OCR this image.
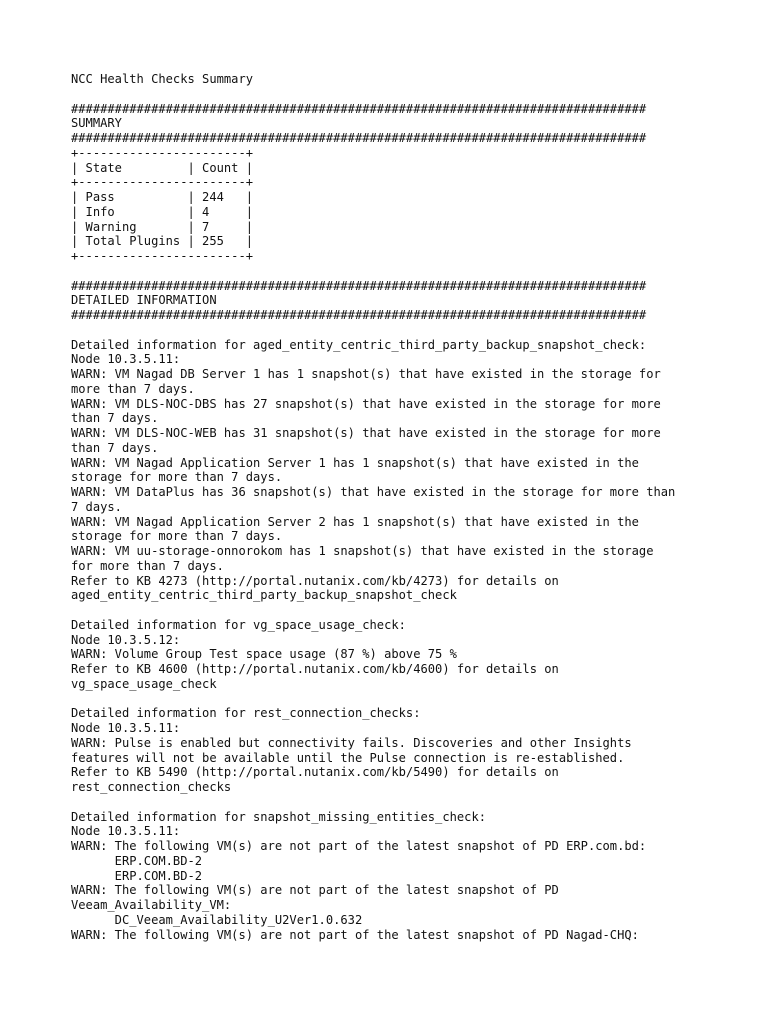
NCC Health Checks Summary
###############################################################################
SUMMARY
###############################################################################
+-----------------------+
| State         | Count |
+-----------------------+
| Pass          | 244   |
| Info          | 4     |
| Warning       | 7     |
| Total Plugins | 255   |
+-----------------------+
###############################################################################
DETAILED INFORMATION
###############################################################################
Detailed information for aged_entity_centric_third_party_backup_snapshot_check:
Node 10.3.5.11:
WARN: VM Nagad DB Server 1 has 1 snapshot(s) that have existed in the storage for
more than 7 days.
WARN: VM DLS-NOC-DBS has 27 snapshot(s) that have existed in the storage for more
than 7 days.
WARN: VM DLS-NOC-WEB has 31 snapshot(s) that have existed in the storage for more
than 7 days.
WARN: VM Nagad Application Server 1 has 1 snapshot(s) that have existed in the
storage for more than 7 days.
WARN: VM DataPlus has 36 snapshot(s) that have existed in the storage for more than
7 days.
WARN: VM Nagad Application Server 2 has 1 snapshot(s) that have existed in the
storage for more than 7 days.
WARN: VM uu-storage-onnorokom has 1 snapshot(s) that have existed in the storage
for more than 7 days.
Refer to KB 4273 (http://portal.nutanix.com/kb/4273) for details on
aged_entity_centric_third_party_backup_snapshot_check
Detailed information for vg_space_usage_check:
Node 10.3.5.12:
WARN: Volume Group Test space usage (87 %) above 75 %
Refer to KB 4600 (http://portal.nutanix.com/kb/4600) for details on
vg_space_usage_check
Detailed information for rest_connection_checks:
Node 10.3.5.11:
WARN: Pulse is enabled but connectivity fails. Discoveries and other Insights
features will not be available until the Pulse connection is re-established.
Refer to KB 5490 (http://portal.nutanix.com/kb/5490) for details on
rest_connection_checks
Detailed information for snapshot_missing_entities_check:
Node 10.3.5.11:
WARN: The following VM(s) are not part of the latest snapshot of PD ERP.com.bd:
ERP.COM.BD-2
ERP.COM.BD-2
WARN: The following VM(s) are not part of the latest snapshot of PD
Veeam_Availability_VM:
DC_Veeam_Availability_U2Ver1.0.632
WARN: The following VM(s) are not part of the latest snapshot of PD Nagad-CHQ:
